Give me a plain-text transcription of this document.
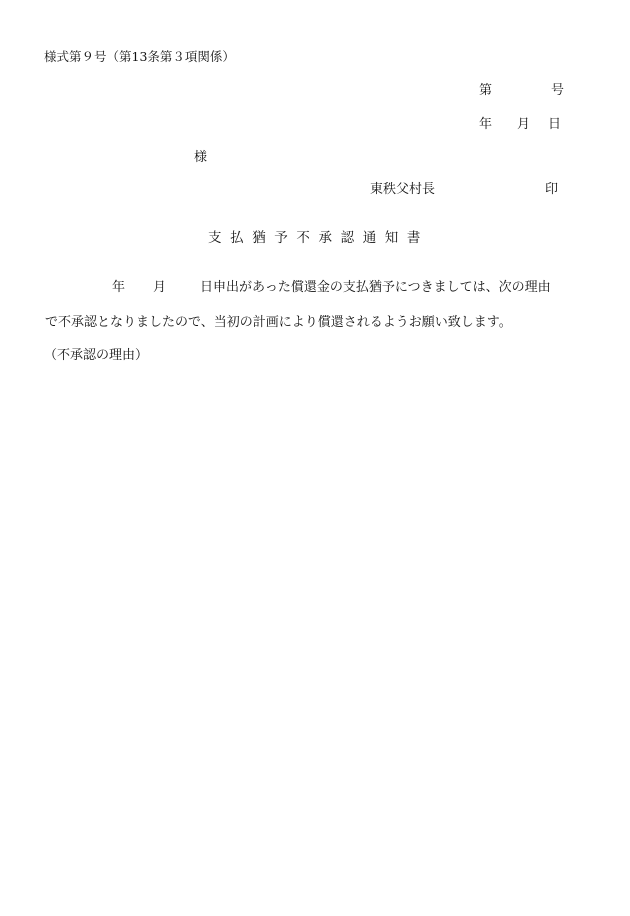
様式第９号（第13条第３項関係）
第	号
年 月 日
様
東秩父村長	印
支払猶予不承認通知書
年 月	日申出があった償還金の支払猶予につきましては、次の理由
で不承認となりましたので、当初の計画により償還されるようお願い致します。
（不承認の理由）
